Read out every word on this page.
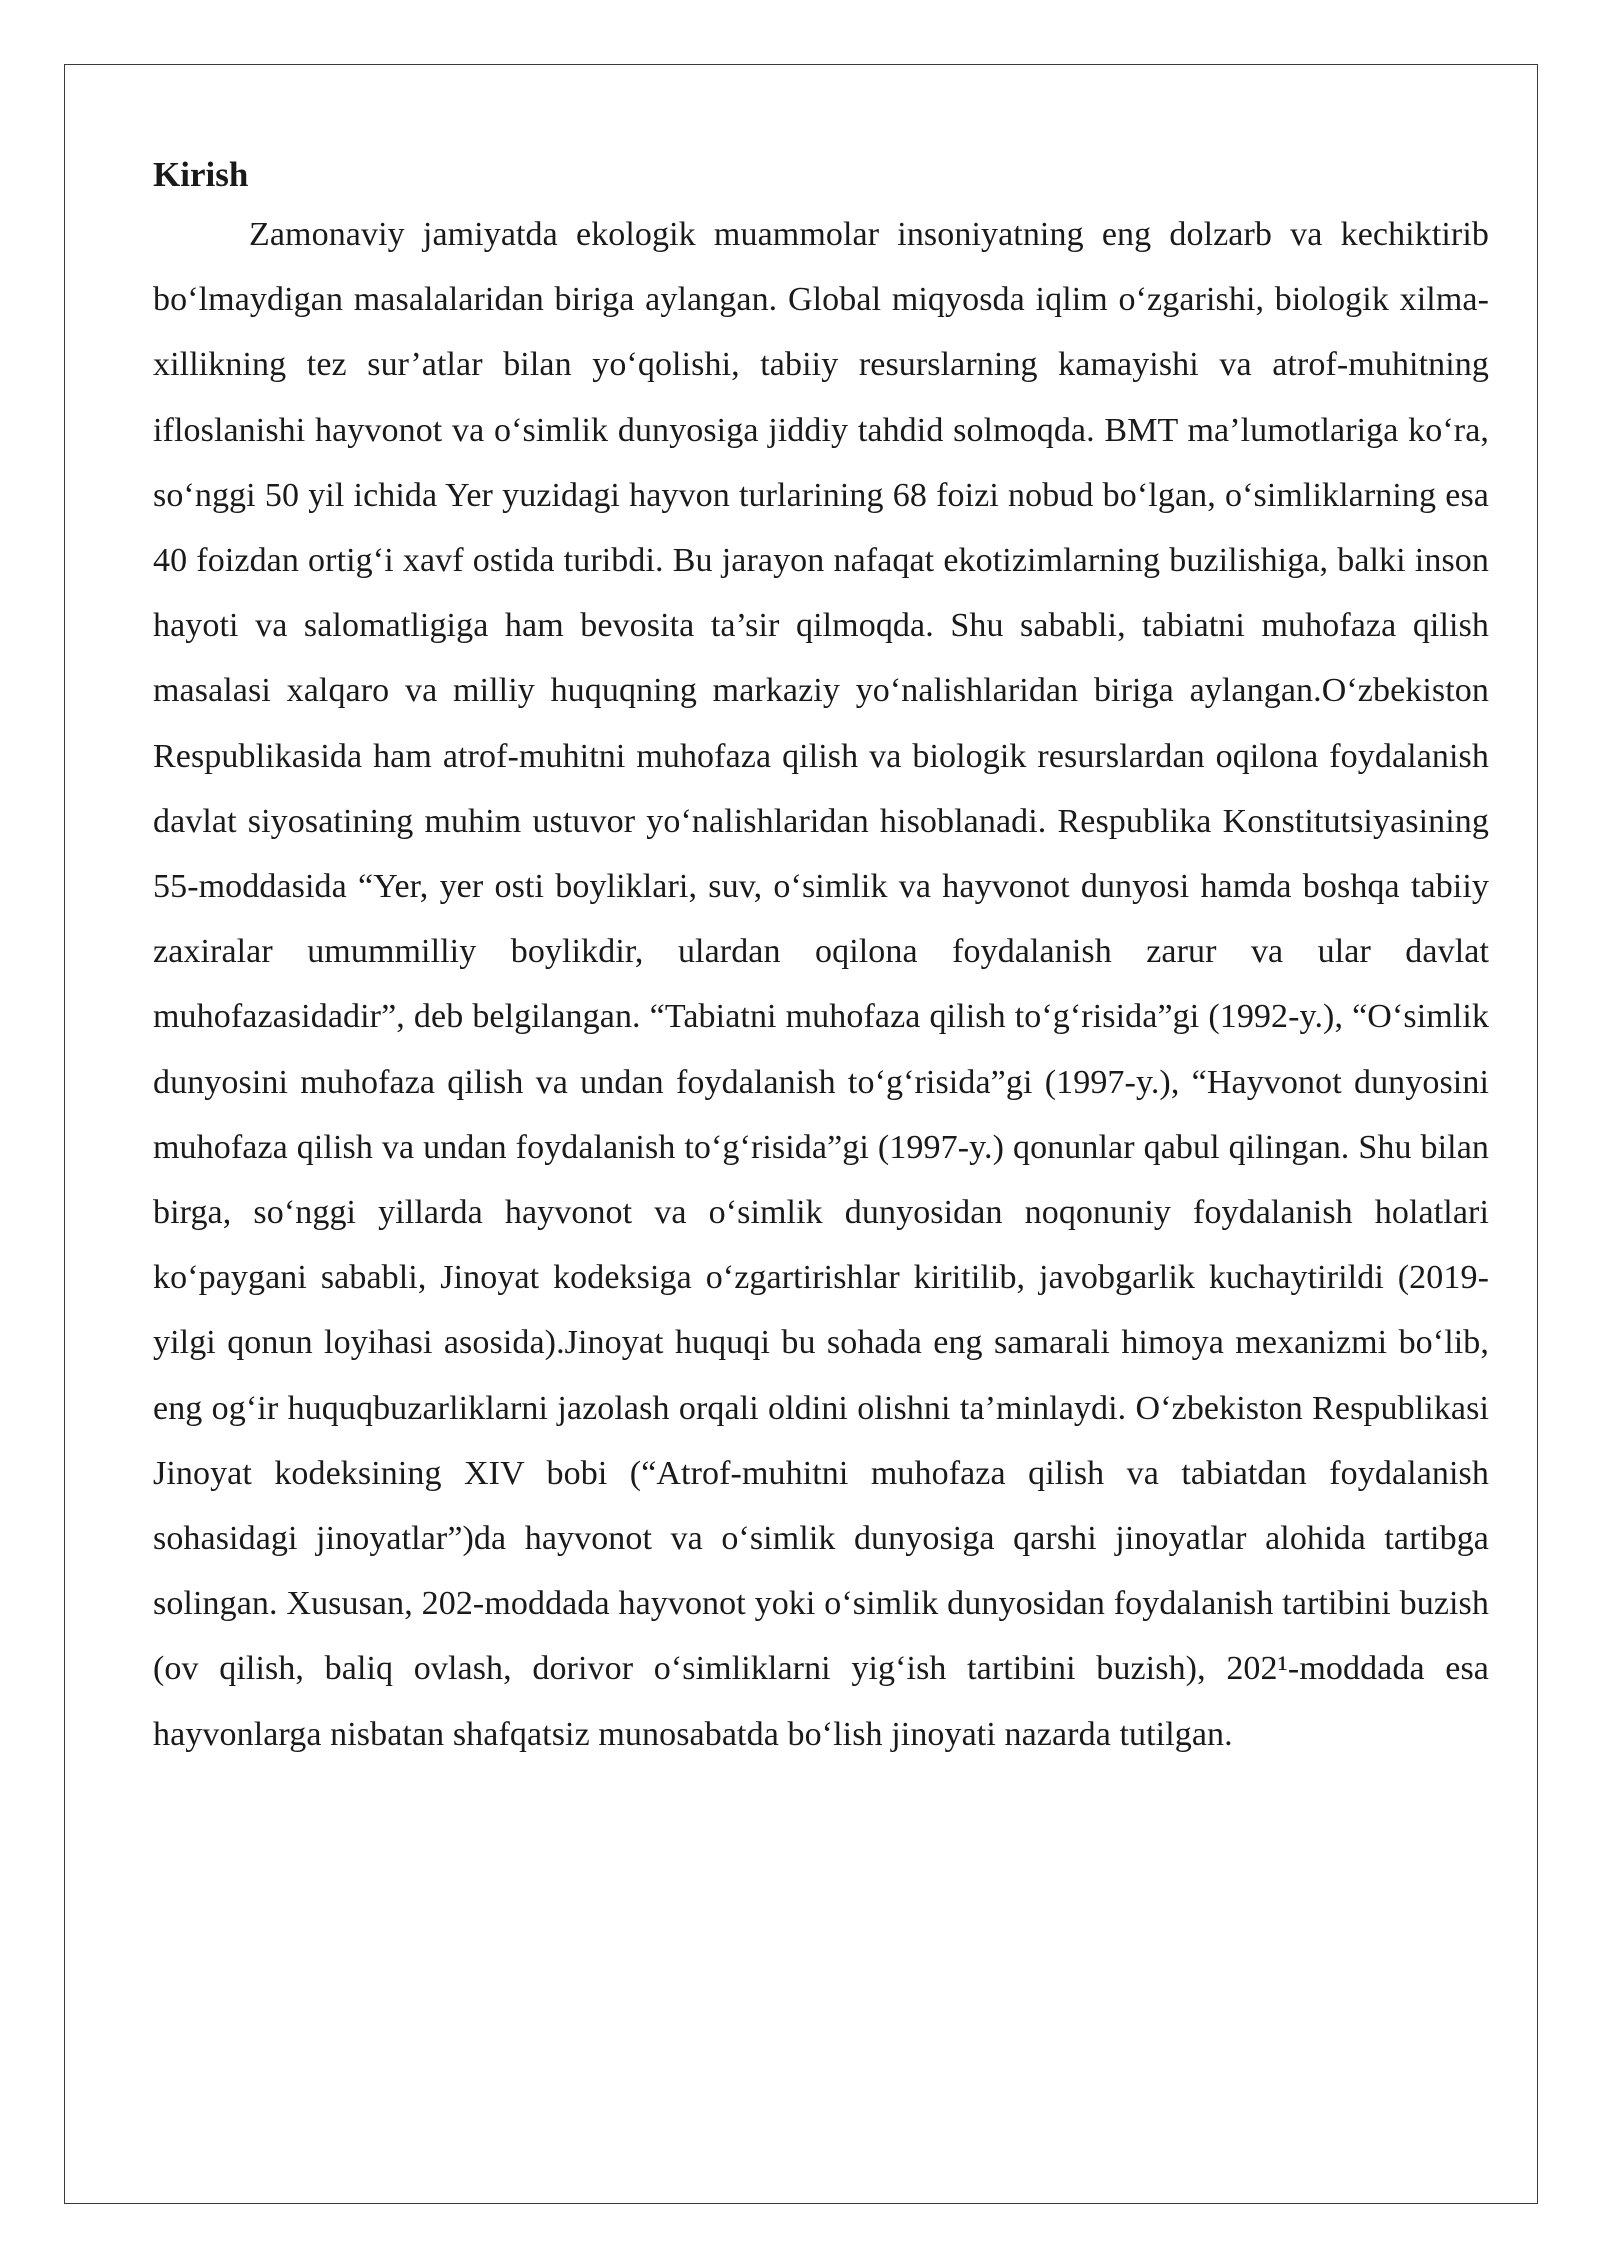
Kirish

Zamonaviy jamiyatda ekologik muammolar insoniyatning eng dolzarb va kechiktirib bo‘lmaydigan masalalaridan biriga aylangan. Global miqyosda iqlim o‘zgarishi, biologik xilma-xillikning tez sur’atlar bilan yo‘qolishi, tabiiy resurslarning kamayishi va atrof-muhitning ifloslanishi hayvonot va o‘simlik dunyosiga jiddiy tahdid solmoqda. BMT ma’lumotlariga ko‘ra, so‘nggi 50 yil ichida Yer yuzidagi hayvon turlarining 68 foizi nobud bo‘lgan, o‘simliklarning esa 40 foizdan ortig‘i xavf ostida turibdi. Bu jarayon nafaqat ekotizimlarning buzilishiga, balki inson hayoti va salomatligiga ham bevosita ta’sir qilmoqda. Shu sababli, tabiatni muhofaza qilish masalasi xalqaro va milliy huquqning markaziy yo‘nalishlaridan biriga aylangan.O‘zbekiston Respublikasida ham atrof-muhitni muhofaza qilish va biologik resurslardan oqilona foydalanish davlat siyosatining muhim ustuvor yo‘nalishlaridan hisoblanadi. Respublika Konstitutsiyasining 55-moddasida “Yer, yer osti boyliklari, suv, o‘simlik va hayvonot dunyosi hamda boshqa tabiiy zaxiralar umummilliy boylikdir, ulardan oqilona foydalanish zarur va ular davlat muhofazasidadir”, deb belgilangan. “Tabiatni muhofaza qilish to‘g‘risida”gi (1992-y.), “O‘simlik dunyosini muhofaza qilish va undan foydalanish to‘g‘risida”gi (1997-y.), “Hayvonot dunyosini muhofaza qilish va undan foydalanish to‘g‘risida”gi (1997-y.) qonunlar qabul qilingan. Shu bilan birga, so‘nggi yillarda hayvonot va o‘simlik dunyosidan noqonuniy foydalanish holatlari ko‘paygani sababli, Jinoyat kodeksiga o‘zgartirishlar kiritilib, javobgarlik kuchaytirildi (2019-yilgi qonun loyihasi asosida).Jinoyat huquqi bu sohada eng samarali himoya mexanizmi bo‘lib, eng og‘ir huquqbuzarliklarni jazolash orqali oldini olishni ta’minlaydi. O‘zbekiston Respublikasi Jinoyat kodeksining XIV bobi (“Atrof-muhitni muhofaza qilish va tabiatdan foydalanish sohasidagi jinoyatlar”)da hayvonot va o‘simlik dunyosiga qarshi jinoyatlar alohida tartibga solingan. Xususan, 202-moddada hayvonot yoki o‘simlik dunyosidan foydalanish tartibini buzish (ov qilish, baliq ovlash, dorivor o‘simliklarni yig‘ish tartibini buzish), 202¹-moddada esa hayvonlarga nisbatan shafqatsiz munosabatda bo‘lish jinoyati nazarda tutilgan.
